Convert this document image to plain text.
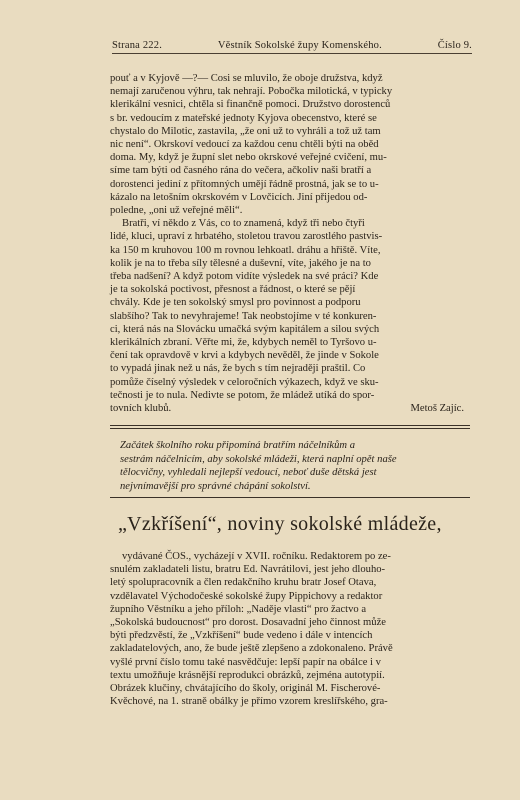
Strana 222.	Věstník Sokolské župy Komenského.	Číslo 9.

pouť a v Kyjově —?— Cosi se mluvilo, že oboje družstva, když

nemají zaručenou výhru, tak nehrají. Pobočka milotická, v typicky

klerikální vesnici, chtěla si finančně pomoci. Družstvo dorostenců

s br. vedoucím z mateřské jednoty Kyjova obecenstvo, které se

chystalo do Milotic, zastavila, „že oni už to vyhráli a tož už tam

nic není“. Okrskoví vedoucí za každou cenu chtěli býti na oběd

doma. My, když je župní slet nebo okrskové veřejné cvičení, mu-

síme tam býti od časného rána do večera, ačkoliv naši bratří a

dorostenci jediní z přítomných umějí řádně prostná, jak se to u-

kázalo na letošním okrskovém v Lovčicích. Jiní přijedou od-

poledne, „oni už veřejné měli“.

Bratři, ví někdo z Vás, co to znamená, když tři nebo čtyři

lidé, kluci, upraví z hrbatého, stoletou travou zarostlého pastvis-

ka 150 m kruhovou 100 m rovnou lehkoatl. dráhu a hřiště. Víte,

kolik je na to třeba síly tělesné a duševní, víte, jakého je na to

třeba nadšení? A když potom vidíte výsledek na své práci? Kde

je ta sokolská poctivost, přesnost a řádnost, o které se pějí

chvály. Kde je ten sokolský smysl pro povinnost a podporu

slabšího? Tak to nevyhrajeme! Tak neobstojíme v té konkuren-

ci, která nás na Slovácku umačká svým kapitálem a silou svých

klerikálních zbraní. Věřte mi, že, kdybych neměl to Tyršovo u-

čení tak opravdově v krvi a kdybych nevěděl, že jinde v Sokole

to vypadá jinak než u nás, že bych s tím nejraději praštil. Co

pomůže číselný výsledek v celoročních výkazech, když ve sku-

tečnosti je to nula. Nedivte se potom, že mládež utíká do spor-

tovních klubů.	Metoš Zajíc.

Začátek školního roku připomíná bratřím náčelníkům a
sestrám náčelnicím, aby sokolské mládeži, která naplní opět naše
tělocvičny, vyhledali nejlepší vedoucí, neboť duše dětská jest
nejvnímavější pro správné chápání sokolství.
„Vzkříšení“, noviny sokolské mládeže,

vydávané ČOS., vycházejí v XVII. ročníku. Redaktorem po ze-

snulém zakladateli listu, bratru Ed. Navrátilovi, jest jeho dlouho-

letý spolupracovník a člen redakčního kruhu bratr Josef Otava,

vzdělavatel Východočeské sokolské župy Pippichovy a redaktor

župního Věstníku a jeho příloh: „Naděje vlasti“ pro žactvo a

„Sokolská budoucnost“ pro dorost. Dosavadní jeho činnost může

býti předzvěstí, že „Vzkříšení“ bude vedeno i dále v intencích

zakladatelových, ano, že bude ještě zlepšeno a zdokonaleno. Právě

vyšlé první číslo tomu také nasvědčuje: lepší papír na obálce i v

textu umožňuje krásnější reprodukci obrázků, zejména autotypií.

Obrázek klučiny, chvátajícího do školy, originál M. Fischerové-

Kvěchové, na 1. straně obálky je přímo vzorem kreslířského, gra-
